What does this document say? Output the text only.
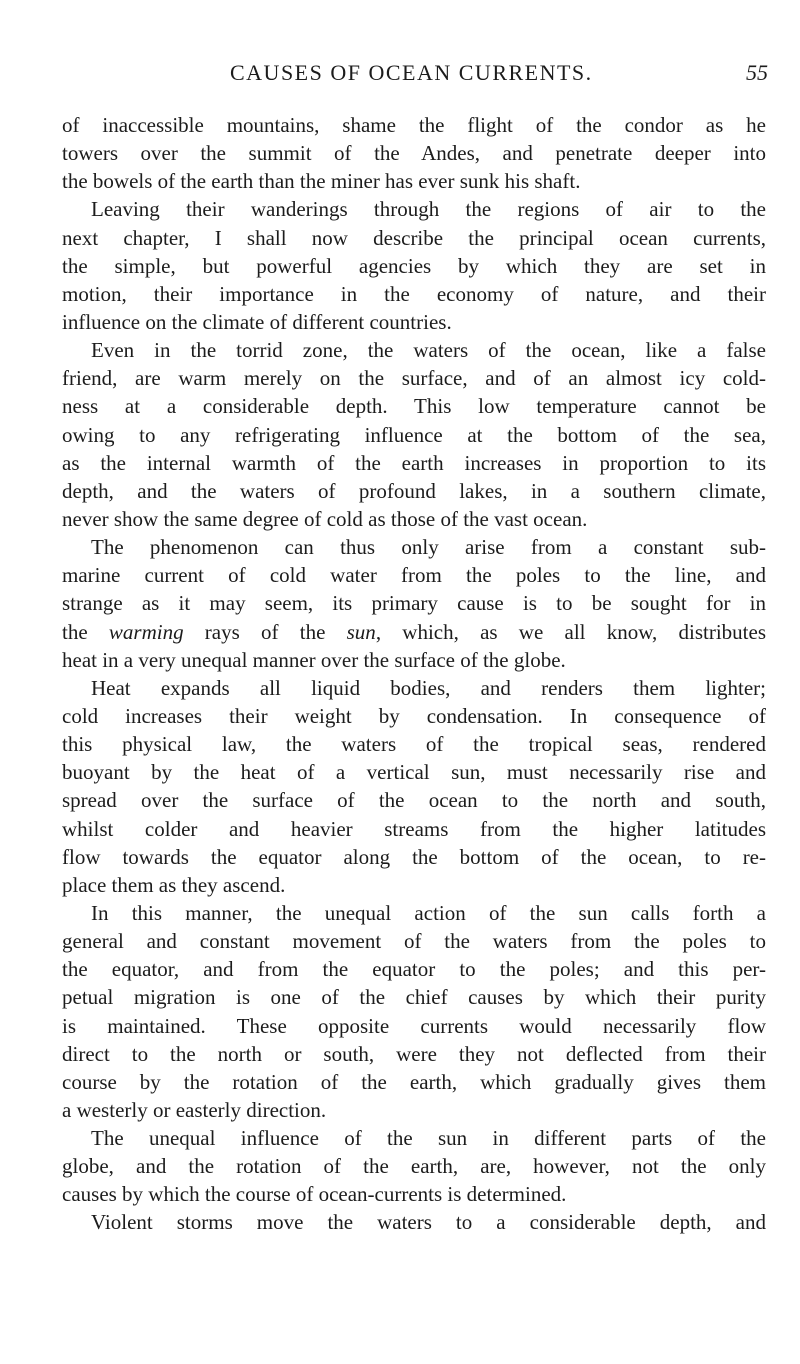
CAUSES OF OCEAN CURRENTS.	55
of inaccessible mountains, shame the flight of the condor as he
towers over the summit of the Andes, and penetrate deeper into
the bowels of the earth than the miner has ever sunk his shaft.
Leaving their wanderings through the regions of air to the
next chapter, I shall now describe the principal ocean currents,
the simple, but powerful agencies by which they are set in
motion, their importance in the economy of nature, and their
influence on the climate of different countries.
Even in the torrid zone, the waters of the ocean, like a false
friend, are warm merely on the surface, and of an almost icy cold-
ness at a considerable depth. This low temperature cannot be
owing to any refrigerating influence at the bottom of the sea,
as the internal warmth of the earth increases in proportion to its
depth, and the waters of profound lakes, in a southern climate,
never show the same degree of cold as those of the vast ocean.
The phenomenon can thus only arise from a constant sub-
marine current of cold water from the poles to the line, and
strange as it may seem, its primary cause is to be sought for in
the warming rays of the sun, which, as we all know, distributes
heat in a very unequal manner over the surface of the globe.
Heat expands all liquid bodies, and renders them lighter;
cold increases their weight by condensation. In consequence of
this physical law, the waters of the tropical seas, rendered
buoyant by the heat of a vertical sun, must necessarily rise and
spread over the surface of the ocean to the north and south,
whilst colder and heavier streams from the higher latitudes
flow towards the equator along the bottom of the ocean, to re-
place them as they ascend.
In this manner, the unequal action of the sun calls forth a
general and constant movement of the waters from the poles to
the equator, and from the equator to the poles; and this per-
petual migration is one of the chief causes by which their purity
is maintained. These opposite currents would necessarily flow
direct to the north or south, were they not deflected from their
course by the rotation of the earth, which gradually gives them
a westerly or easterly direction.
The unequal influence of the sun in different parts of the
globe, and the rotation of the earth, are, however, not the only
causes by which the course of ocean-currents is determined.
Violent storms move the waters to a considerable depth, and
